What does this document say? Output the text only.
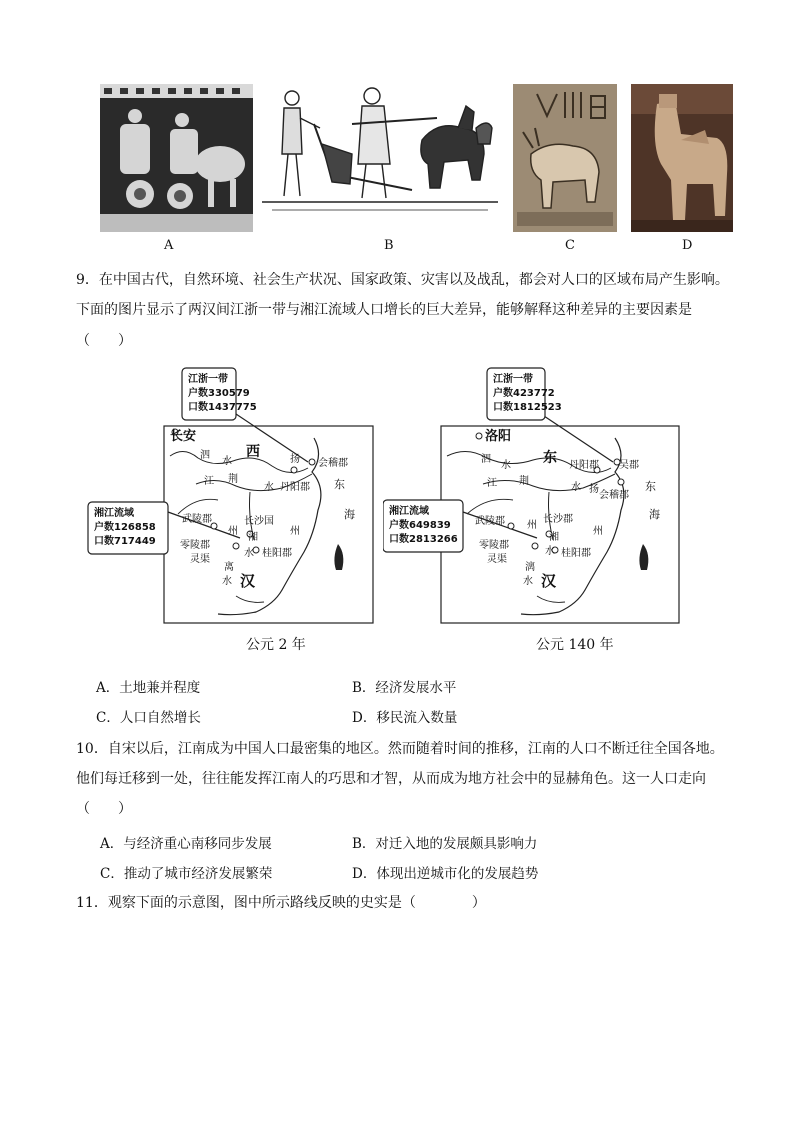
A	B	C	D
9．在中国古代，自然环境、社会生产状况、国家政策、灾害以及战乱，都会对人口的区域布局产生影响。
下面的图片显示了两汉间江浙一带与湘江流域人口增长的巨大差异，能够解释这种差异的主要因素是
（　　）
江浙一带
户数330579
口数1437775
湘江流域
户数126858
口数717449
长安
西
汉
泗
水
江 荆
水
扬 会稽郡
丹阳郡 东
海
武陵郡
州
长沙国
湘
水
零陵郡
灵渠
桂阳郡
离
水
州
公元 2 年
江浙一带
户数423772
口数1812523
湘江流域
户数649839
口数2813266
洛阳
东
汉
泗
水
江 荆
水
丹阳郡 吴郡
扬
会稽郡
东
海
武陵郡 州
长沙郡
湘
水
零陵郡
灵渠
桂阳郡
漓
水
州
公元 140 年
A．土地兼并程度	B．经济发展水平
C．人口自然增长	D．移民流入数量
10．自宋以后，江南成为中国人口最密集的地区。然而随着时间的推移，江南的人口不断迁往全国各地。
他们每迁移到一处，往往能发挥江南人的巧思和才智，从而成为地方社会中的显赫角色。这一人口走向
（　　）
A．与经济重心南移同步发展	B．对迁入地的发展颇具影响力
C．推动了城市经济发展繁荣	D．体现出逆城市化的发展趋势
11．观察下面的示意图，图中所示路线反映的史实是（　　　　）
